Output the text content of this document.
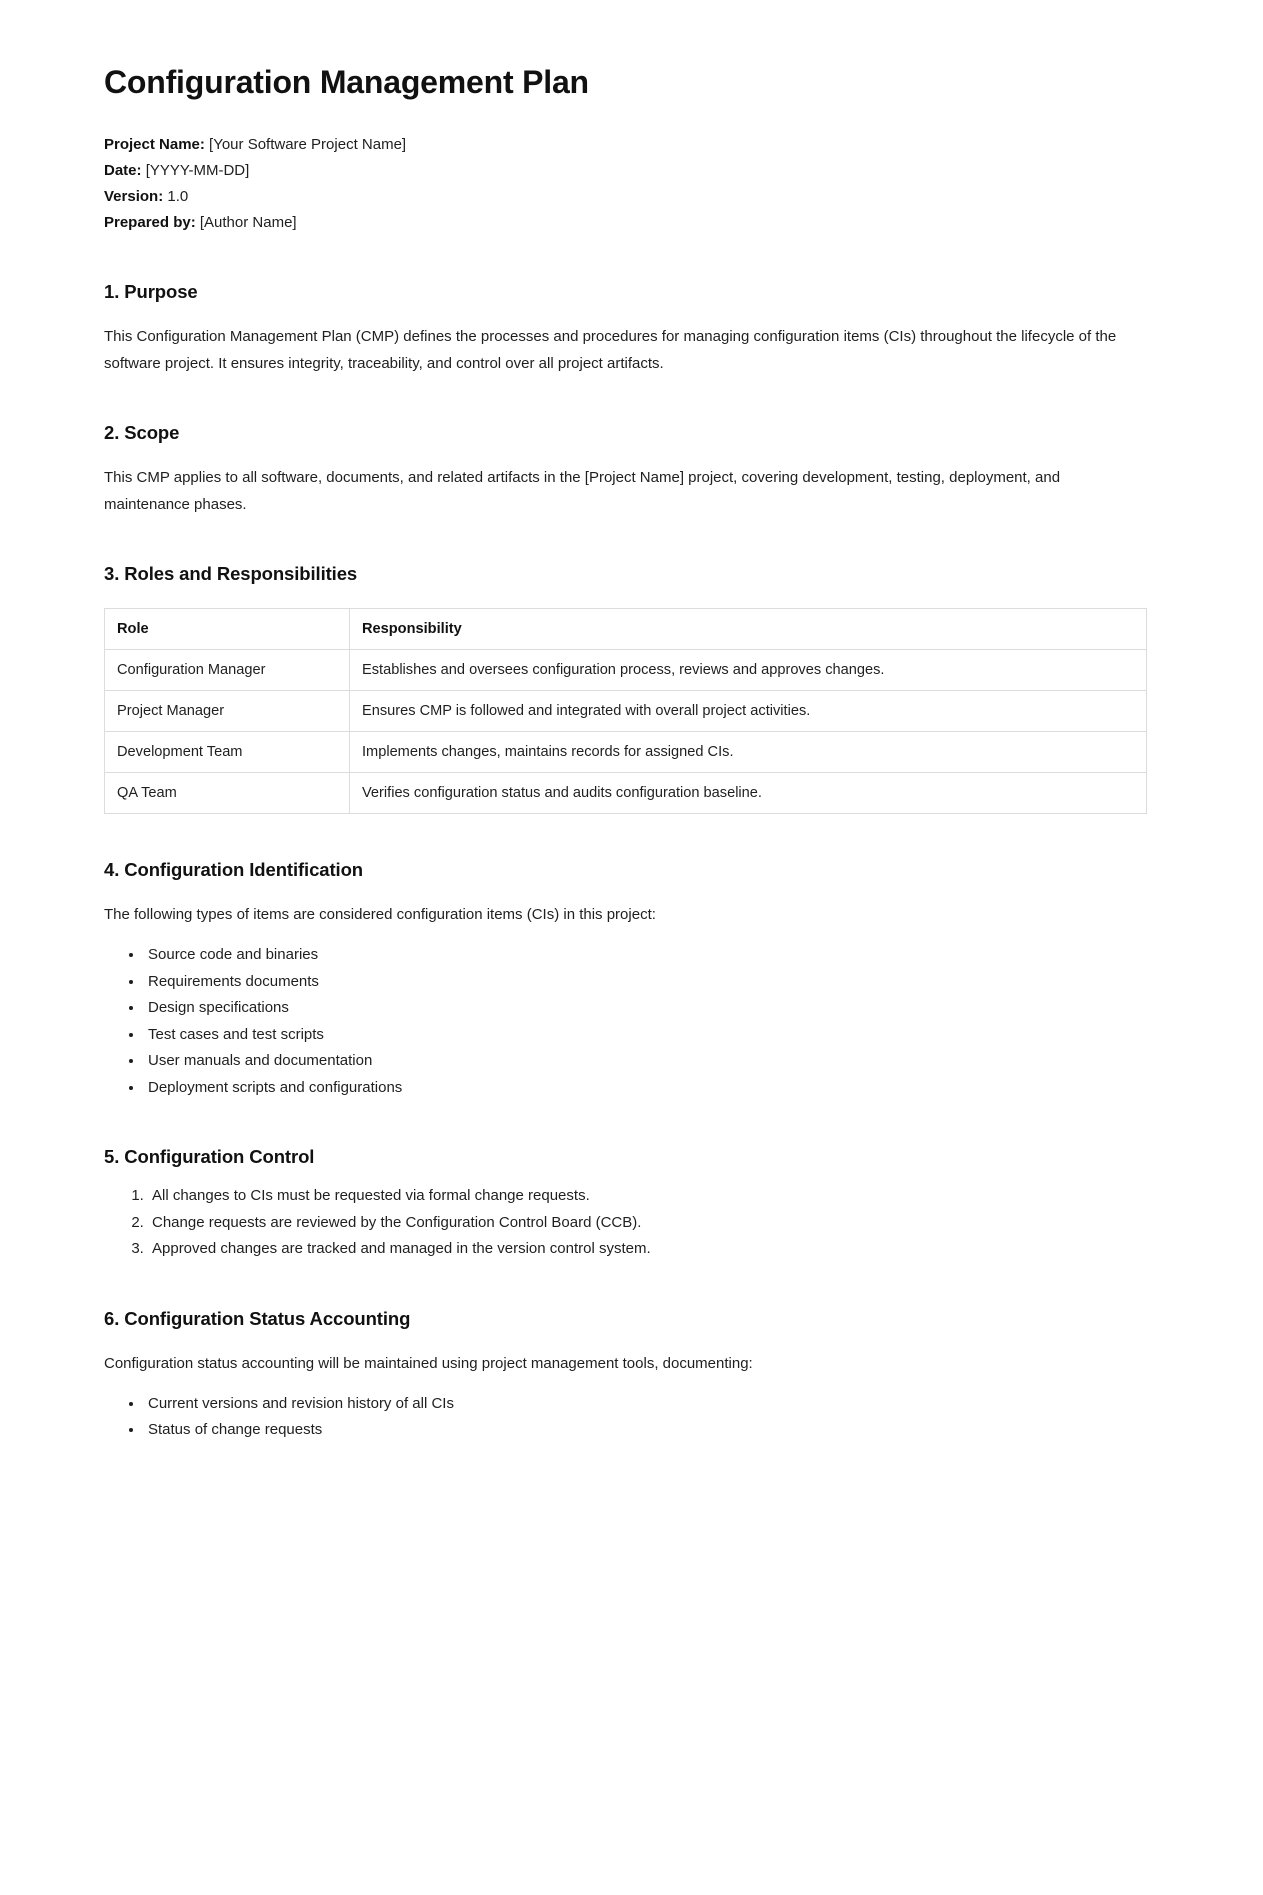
Configuration Management Plan
Project Name: [Your Software Project Name]
Date: [YYYY-MM-DD]
Version: 1.0
Prepared by: [Author Name]
1. Purpose

This Configuration Management Plan (CMP) defines the processes and procedures for managing configuration items (CIs) throughout the lifecycle of the software project. It ensures integrity, traceability, and control over all project artifacts.

2. Scope

This CMP applies to all software, documents, and related artifacts in the [Project Name] project, covering development, testing, deployment, and maintenance phases.

3. Roles and Responsibilities
Role	Responsibility
Configuration Manager	Establishes and oversees configuration process, reviews and approves changes.
Project Manager	Ensures CMP is followed and integrated with overall project activities.
Development Team	Implements changes, maintains records for assigned CIs.
QA Team	Verifies configuration status and audits configuration baseline.
4. Configuration Identification

The following types of items are considered configuration items (CIs) in this project:

• Source code and binaries
• Requirements documents
• Design specifications
• Test cases and test scripts
• User manuals and documentation
• Deployment scripts and configurations
5. Configuration Control
1. All changes to CIs must be requested via formal change requests.
2. Change requests are reviewed by the Configuration Control Board (CCB).
3. Approved changes are tracked and managed in the version control system.
6. Configuration Status Accounting

Configuration status accounting will be maintained using project management tools, documenting:

• Current versions and revision history of all CIs
• Status of change requests
